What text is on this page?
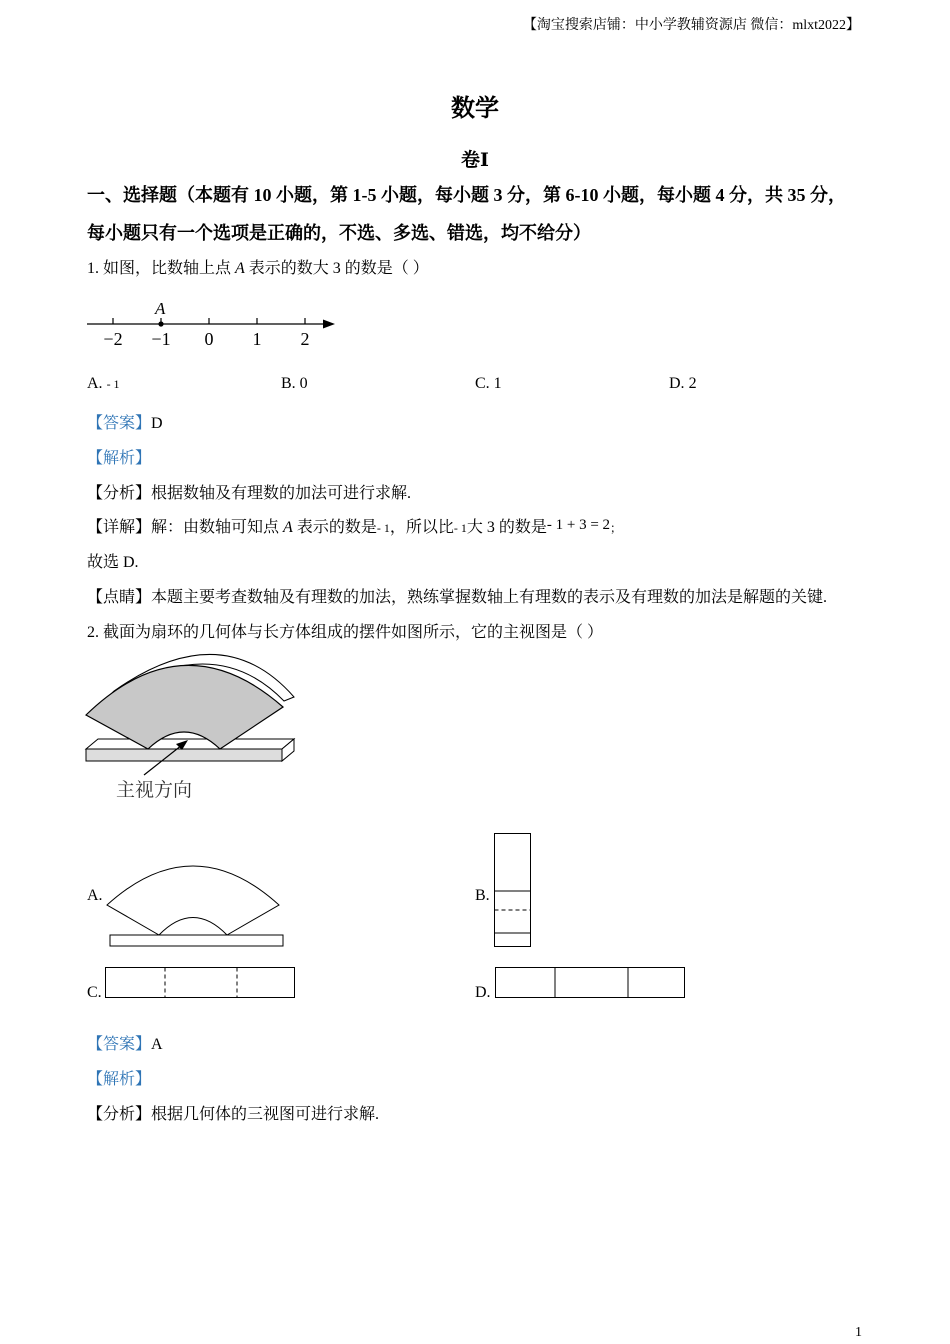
【淘宝搜索店铺：中小学教辅资源店 微信：mlxt2022】
数学
卷Ⅰ
一、选择题（本题有 10 小题，第 1-5 小题，每小题 3 分，第 6-10 小题，每小题 4 分，共 35 分，
每小题只有一个选项是正确的，不选、多选、错选，均不给分）
1. 如图，比数轴上点 A 表示的数大 3 的数是（ ）
−2 −1 0 1 2
A
A. - 1	B. 0	C. 1	D. 2
【答案】D
【解析】
【分析】根据数轴及有理数的加法可进行求解.
【详解】解：由数轴可知点 A 表示的数是- 1，所以比- 1大 3 的数是- 1 + 3 = 2；
故选 D.
【点睛】本题主要考查数轴及有理数的加法，熟练掌握数轴上有理数的表示及有理数的加法是解题的关键.
2. 截面为扇环的几何体与长方体组成的摆件如图所示，它的主视图是（ ）
主视方向
A.	B.
C.	D.
【答案】A
【解析】
【分析】根据几何体的三视图可进行求解.
1
